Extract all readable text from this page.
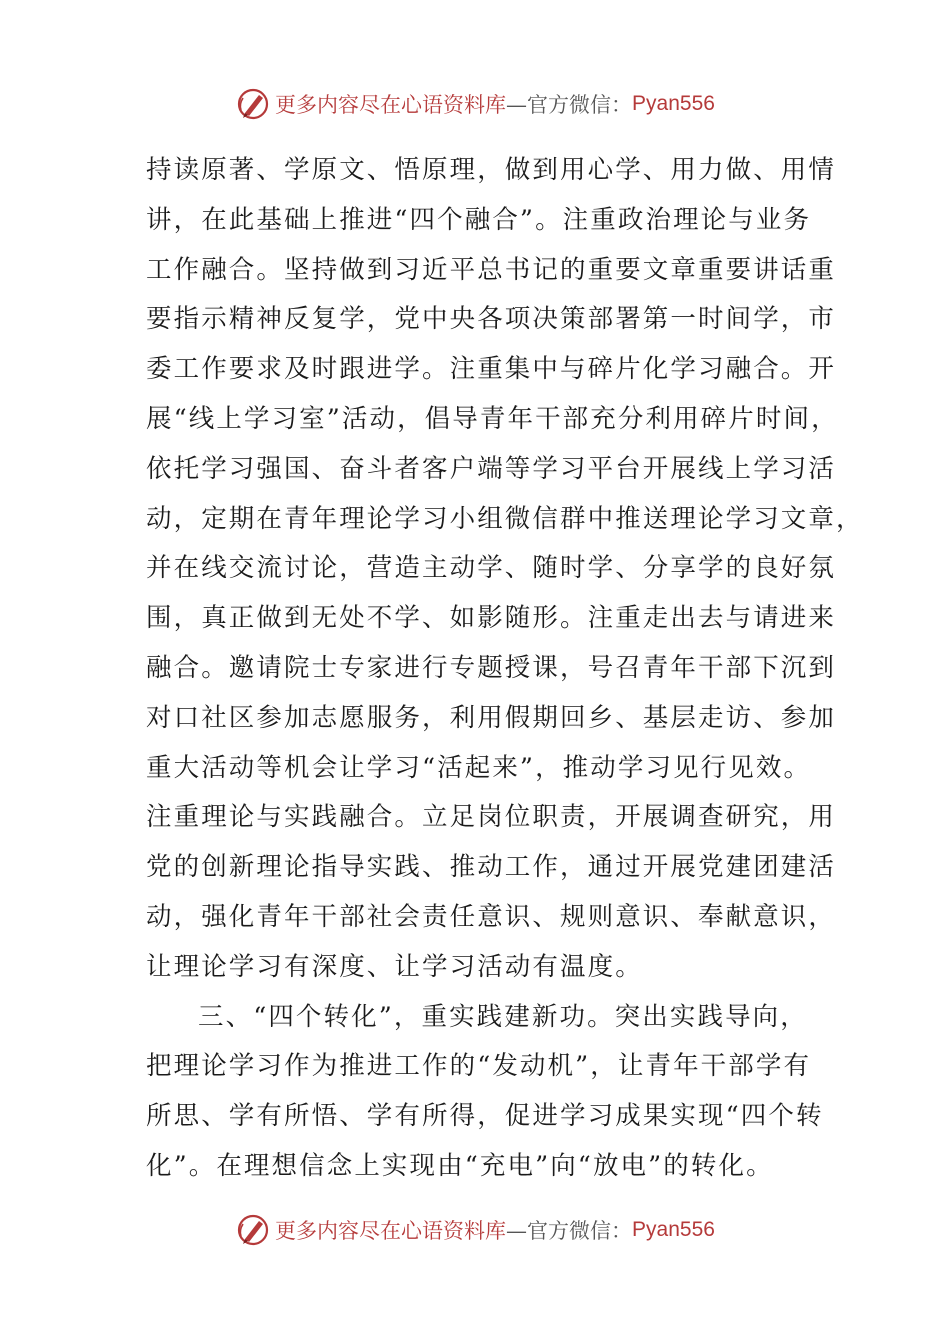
更多内容尽在心语资料库 —官方微信： Pyan556
持读原著、学原文、悟原理，做到用心学、用力做、用情
讲，在此基础上推进“四个融合”。注重政治理论与业务
工作融合。坚持做到习近平总书记的重要文章重要讲话重
要指示精神反复学，党中央各项决策部署第一时间学，市
委工作要求及时跟进学。注重集中与碎片化学习融合。开
展“线上学习室”活动，倡导青年干部充分利用碎片时间，
依托学习强国、奋斗者客户端等学习平台开展线上学习活
动，定期在青年理论学习小组微信群中推送理论学习文章，
并在线交流讨论，营造主动学、随时学、分享学的良好氛
围，真正做到无处不学、如影随形。注重走出去与请进来
融合。邀请院士专家进行专题授课，号召青年干部下沉到
对口社区参加志愿服务，利用假期回乡、基层走访、参加
重大活动等机会让学习“活起来”，推动学习见行见效。
注重理论与实践融合。立足岗位职责，开展调查研究，用
党的创新理论指导实践、推动工作，通过开展党建团建活
动，强化青年干部社会责任意识、规则意识、奉献意识，
让理论学习有深度、让学习活动有温度。
三、“四个转化”，重实践建新功。突出实践导向，
把理论学习作为推进工作的“发动机”，让青年干部学有
所思、学有所悟、学有所得，促进学习成果实现“四个转
化”。在理想信念上实现由“充电”向“放电”的转化。
更多内容尽在心语资料库 —官方微信： Pyan556
